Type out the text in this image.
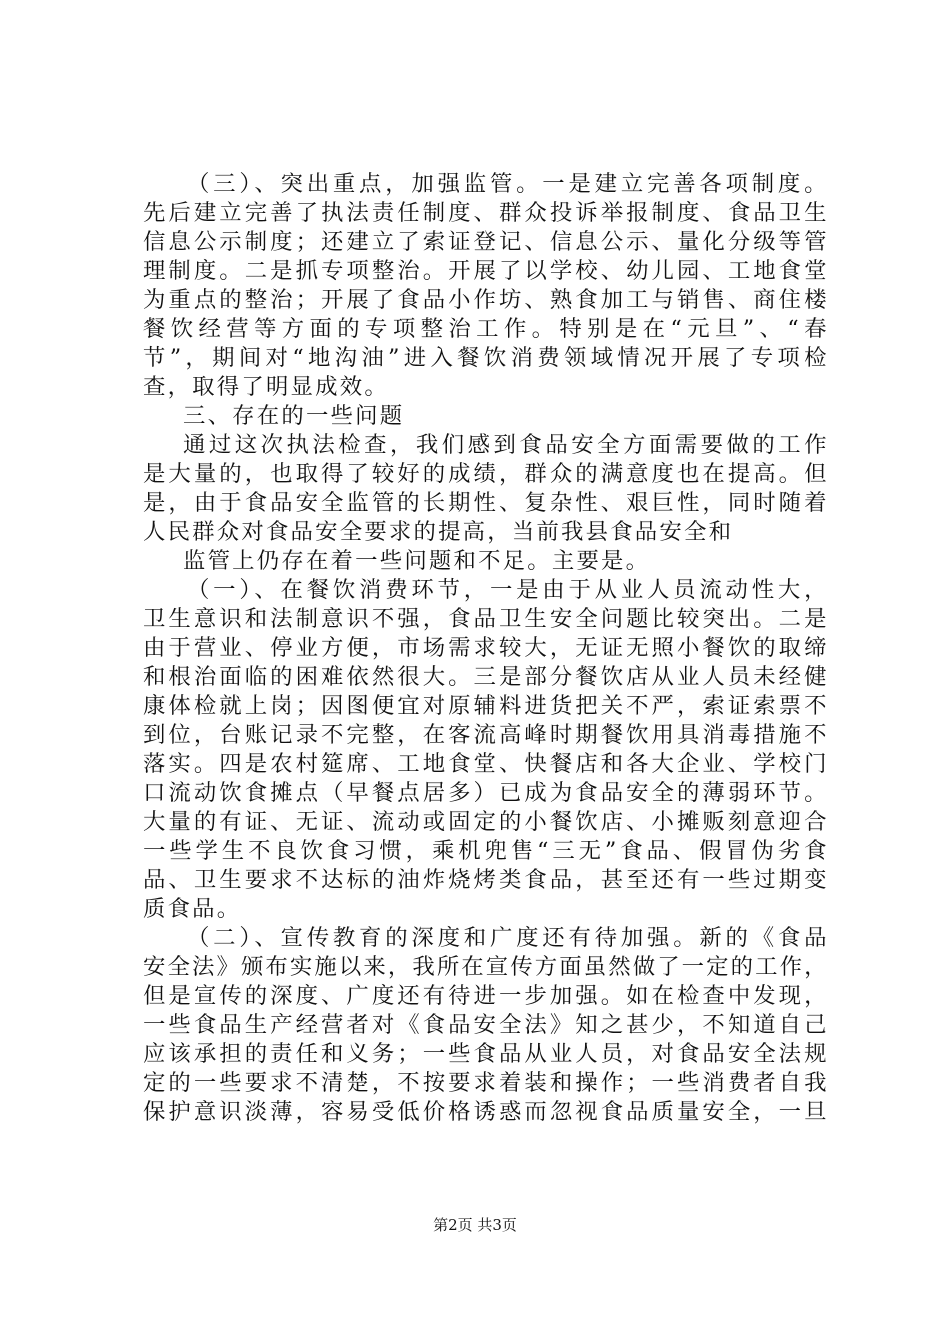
（三）、突出重点，加强监管。一是建立完善各项制度。
先后建立完善了执法责任制度、群众投诉举报制度、食品卫生
信息公示制度；还建立了索证登记、信息公示、量化分级等管
理制度。二是抓专项整治。开展了以学校、幼儿园、工地食堂
为重点的整治；开展了食品小作坊、熟食加工与销售、商住楼
餐饮经营等方面的专项整治工作。特别是在“元旦”、“春
节”，期间对“地沟油”进入餐饮消费领域情况开展了专项检
查，取得了明显成效。
三、存在的一些问题
通过这次执法检查，我们感到食品安全方面需要做的工作
是大量的，也取得了较好的成绩，群众的满意度也在提高。但
是，由于食品安全监管的长期性、复杂性、艰巨性，同时随着
人民群众对食品安全要求的提高，当前我县食品安全和
监管上仍存在着一些问题和不足。主要是。
（一）、在餐饮消费环节，一是由于从业人员流动性大，
卫生意识和法制意识不强，食品卫生安全问题比较突出。二是
由于营业、停业方便，市场需求较大，无证无照小餐饮的取缔
和根治面临的困难依然很大。三是部分餐饮店从业人员未经健
康体检就上岗；因图便宜对原辅料进货把关不严，索证索票不
到位，台账记录不完整，在客流高峰时期餐饮用具消毒措施不
落实。四是农村筵席、工地食堂、快餐店和各大企业、学校门
口流动饮食摊点（早餐点居多）已成为食品安全的薄弱环节。
大量的有证、无证、流动或固定的小餐饮店、小摊贩刻意迎合
一些学生不良饮食习惯，乘机兜售“三无”食品、假冒伪劣食
品、卫生要求不达标的油炸烧烤类食品，甚至还有一些过期变
质食品。
（二）、宣传教育的深度和广度还有待加强。新的《食品
安全法》颁布实施以来，我所在宣传方面虽然做了一定的工作，
但是宣传的深度、广度还有待进一步加强。如在检查中发现，
一些食品生产经营者对《食品安全法》知之甚少，不知道自己
应该承担的责任和义务；一些食品从业人员，对食品安全法规
定的一些要求不清楚，不按要求着装和操作；一些消费者自我
保护意识淡薄，容易受低价格诱惑而忽视食品质量安全，一旦
第2页 共3页
